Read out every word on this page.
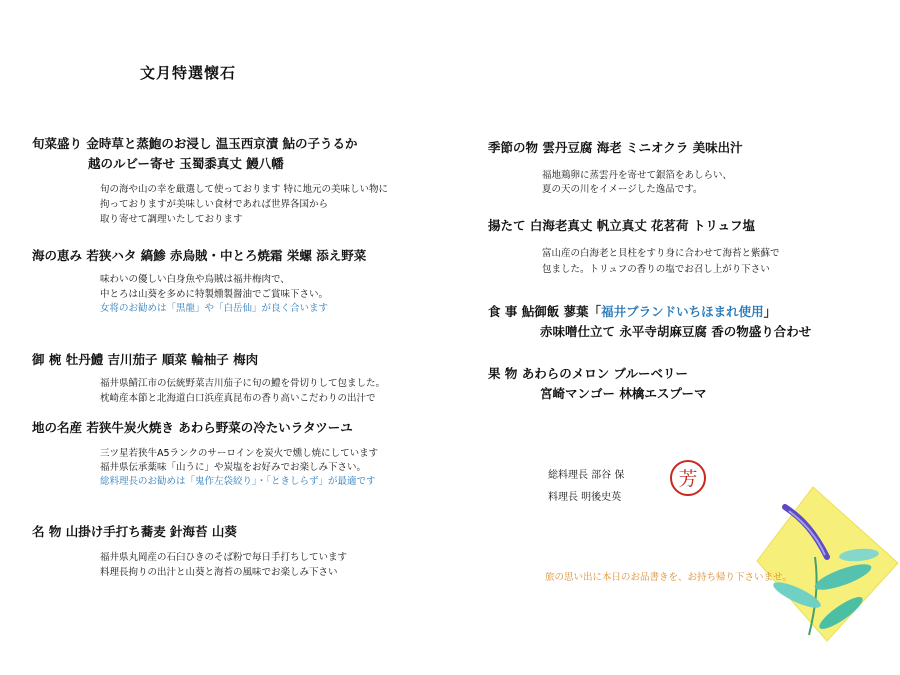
文月特選懐石
旬菜盛り 金時草と蒸鮑のお浸し 温玉西京漬 鮎の子うるか
越のルビー寄せ 玉蜀黍真丈 鰻八幡
旬の海や山の幸を厳選して使っております 特に地元の美味しい物に
拘っておりますが美味しい食材であれば世界各国から
取り寄せて調理いたしております
海の恵み 若狭ハタ 縞鯵 赤烏賊・中とろ焼霜 栄螺 添え野菜
味わいの優しい白身魚や烏賊は福井梅肉で、
中とろは山葵を多めに特製燻製醤油でご賞味下さい。
女将のお勧めは「黒龍」や「白岳仙」が良く合います
御 椀 牡丹鱧 吉川茄子 順菜 輪柚子 梅肉
福井県鯖江市の伝統野菜吉川茄子に旬の鱧を骨切りして包ました。
枕崎産本節と北海道白口浜産真昆布の香り高いこだわりの出汁で
地の名産 若狭牛炭火焼き あわら野菜の冷たいラタツーユ
三ツ星若狭牛A5ランクのサーロインを炭火で燻し焼にしています
福井県伝承薬味「山うに」や炭塩をお好みでお楽しみ下さい。
総料理長のお勧めは「鬼作左袋絞り」・「ときしらず」が最適です
名 物 山掛け手打ち蕎麦 針海苔 山葵
福井県丸岡産の石臼ひきのそば粉で毎日手打ちしています
料理長拘りの出汁と山葵と海苔の風味でお楽しみ下さい
季節の物 雲丹豆腐 海老 ミニオクラ 美味出汁
福地鶏卵に蒸雲丹を寄せて銀箔をあしらい、
夏の天の川をイメージした逸品です。
揚たて 白海老真丈 帆立真丈 花茗荷 トリュフ塩
富山産の白海老と貝柱をすり身に合わせて海苔と紫蘇で
包ました。トリュフの香りの塩でお召し上がり下さい
食 事 鮎御飯 蓼葉「福井ブランドいちほまれ使用」
赤味噌仕立て 永平寺胡麻豆腐 香の物盛り合わせ
果 物 あわらのメロン ブルーベリー
宮崎マンゴー 林檎エスプーマ
総料理長 部谷 保
料理長 明後史英
芳
旅の思い出に本日のお品書きを、お持ち帰り下さいませ。
